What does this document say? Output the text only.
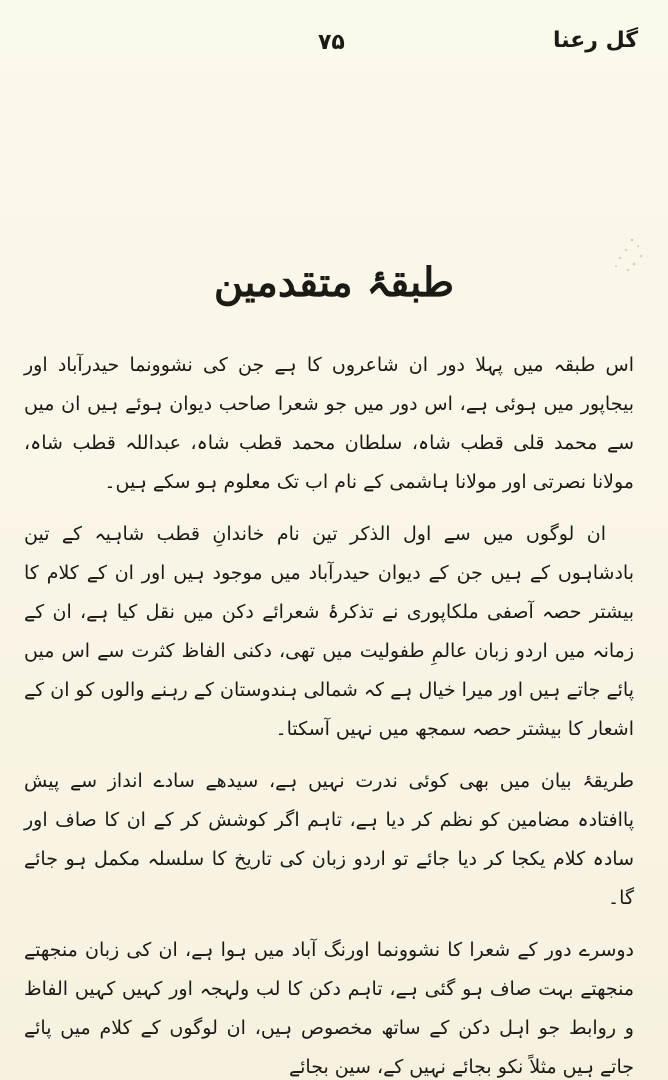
گل رعنا
۷۵
طبقۂ متقدمین

اس طبقہ میں پہلا دور ان شاعروں کا ہے جن کی نشوونما حیدرآباد اور بیجاپور میں ہوئی ہے، اس دور میں جو شعرا صاحب دیوان ہوئے ہیں ان میں سے محمد قلی قطب شاہ، سلطان محمد قطب شاہ، عبداللہ قطب شاہ، مولانا نصرتی اور مولانا ہاشمی کے نام اب تک معلوم ہو سکے ہیں۔

ان لوگوں میں سے اول الذکر تین نام خاندانِ قطب شاہیہ کے تین بادشاہوں کے ہیں جن کے دیوان حیدرآباد میں موجود ہیں اور ان کے کلام کا بیشتر حصہ آصفی ملکاپوری نے تذکرۂ شعرائے دکن میں نقل کیا ہے، ان کے زمانہ میں اردو زبان عالمِ طفولیت میں تھی، دکنی الفاظ کثرت سے اس میں پائے جاتے ہیں اور میرا خیال ہے کہ شمالی ہندوستان کے رہنے والوں کو ان کے اشعار کا بیشتر حصہ سمجھ میں نہیں آسکتا۔

طریقۂ بیان میں بھی کوئی ندرت نہیں ہے، سیدھے سادے انداز سے پیش پاافتادہ مضامین کو نظم کر دیا ہے، تاہم اگر کوشش کر کے ان کا صاف اور سادہ کلام یکجا کر دیا جائے تو اردو زبان کی تاریخ کا سلسلہ مکمل ہو جائے گا۔

دوسرے دور کے شعرا کا نشوونما اورنگ آباد میں ہوا ہے، ان کی زبان منجھتے منجھتے بہت صاف ہو گئی ہے، تاہم دکن کا لب ولہجہ اور کہیں کہیں الفاظ و روابط جو اہل دکن کے ساتھ مخصوص ہیں، ان لوگوں کے کلام میں پائے جاتے ہیں مثلاً نکو بجائے نہیں کے، سین بجائے
